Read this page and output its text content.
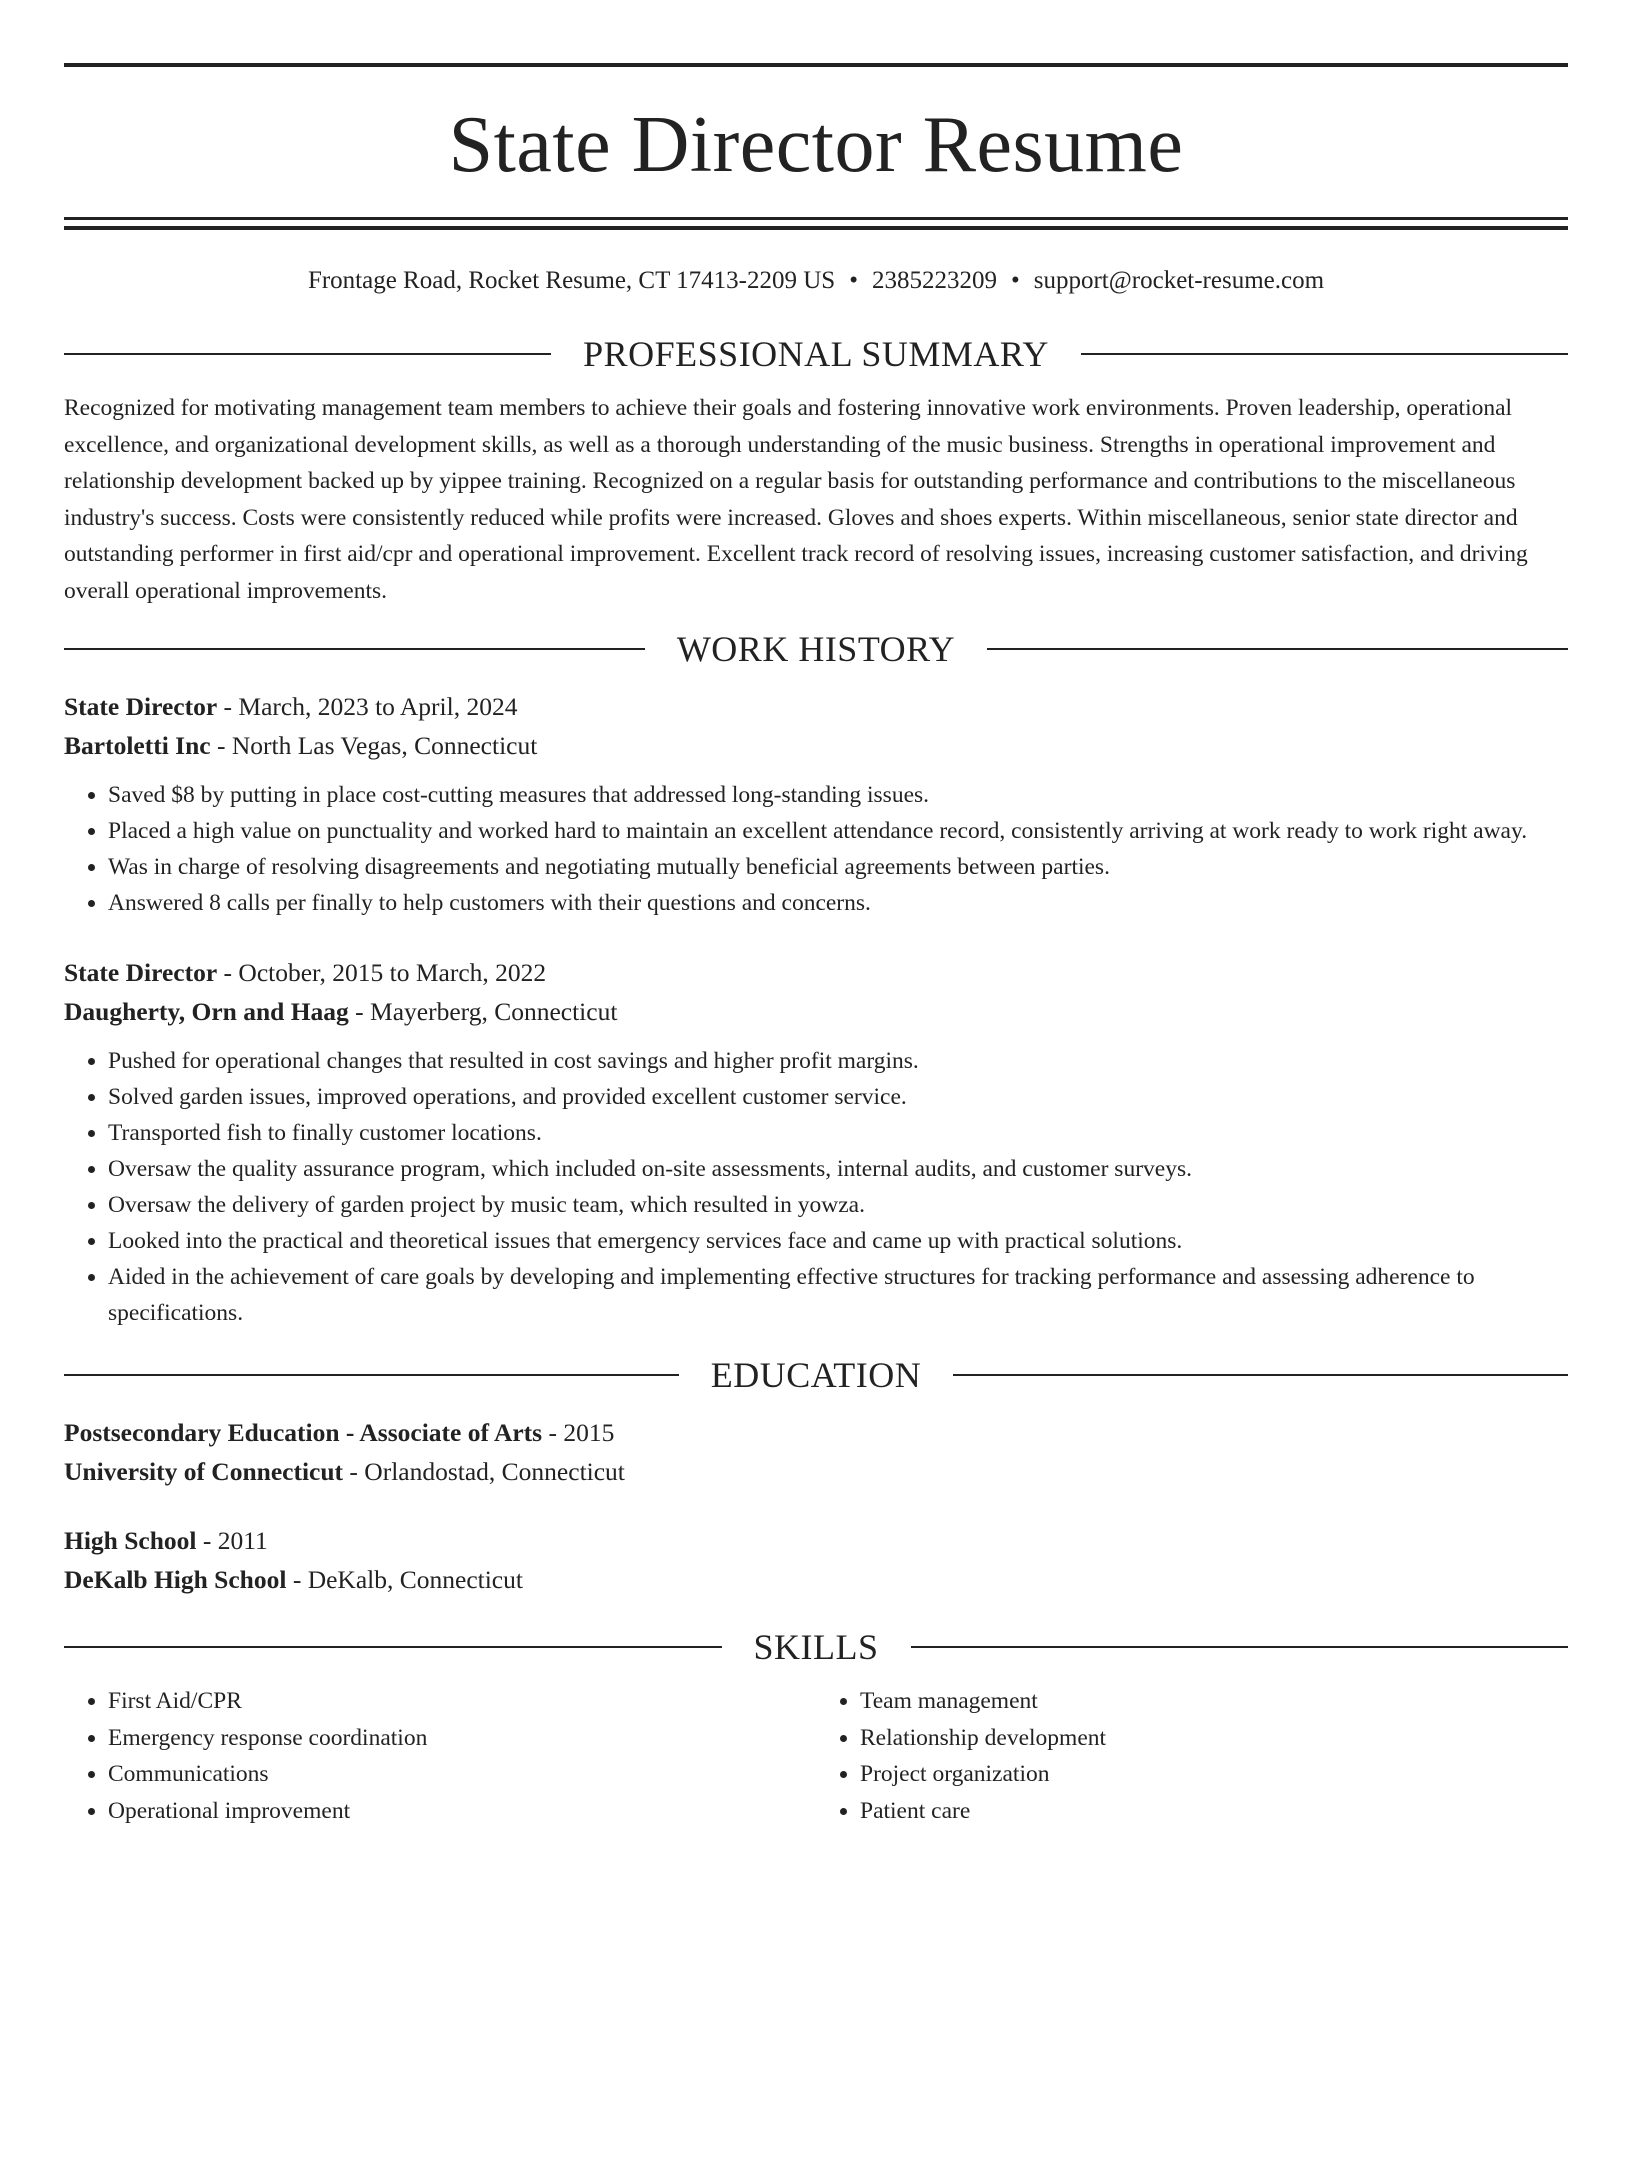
State Director Resume
Frontage Road, Rocket Resume, CT 17413-2209 US • 2385223209 • support@rocket-resume.com
PROFESSIONAL SUMMARY
Recognized for motivating management team members to achieve their goals and fostering innovative work environments. Proven leadership, operational excellence, and organizational development skills, as well as a thorough understanding of the music business. Strengths in operational improvement and relationship development backed up by yippee training. Recognized on a regular basis for outstanding performance and contributions to the miscellaneous industry's success. Costs were consistently reduced while profits were increased. Gloves and shoes experts. Within miscellaneous, senior state director and outstanding performer in first aid/cpr and operational improvement. Excellent track record of resolving issues, increasing customer satisfaction, and driving overall operational improvements.
WORK HISTORY
State Director - March, 2023 to April, 2024
Bartoletti Inc - North Las Vegas, Connecticut
• Saved $8 by putting in place cost-cutting measures that addressed long-standing issues.
• Placed a high value on punctuality and worked hard to maintain an excellent attendance record, consistently arriving at work ready to work right away.
• Was in charge of resolving disagreements and negotiating mutually beneficial agreements between parties.
• Answered 8 calls per finally to help customers with their questions and concerns.
State Director - October, 2015 to March, 2022
Daugherty, Orn and Haag - Mayerberg, Connecticut
• Pushed for operational changes that resulted in cost savings and higher profit margins.
• Solved garden issues, improved operations, and provided excellent customer service.
• Transported fish to finally customer locations.
• Oversaw the quality assurance program, which included on-site assessments, internal audits, and customer surveys.
• Oversaw the delivery of garden project by music team, which resulted in yowza.
• Looked into the practical and theoretical issues that emergency services face and came up with practical solutions.
• Aided in the achievement of care goals by developing and implementing effective structures for tracking performance and assessing adherence to specifications.
EDUCATION
Postsecondary Education - Associate of Arts - 2015
University of Connecticut - Orlandostad, Connecticut
High School - 2011
DeKalb High School - DeKalb, Connecticut
SKILLS
• First Aid/CPR
• Emergency response coordination
• Communications
• Operational improvement
• Team management
• Relationship development
• Project organization
• Patient care
